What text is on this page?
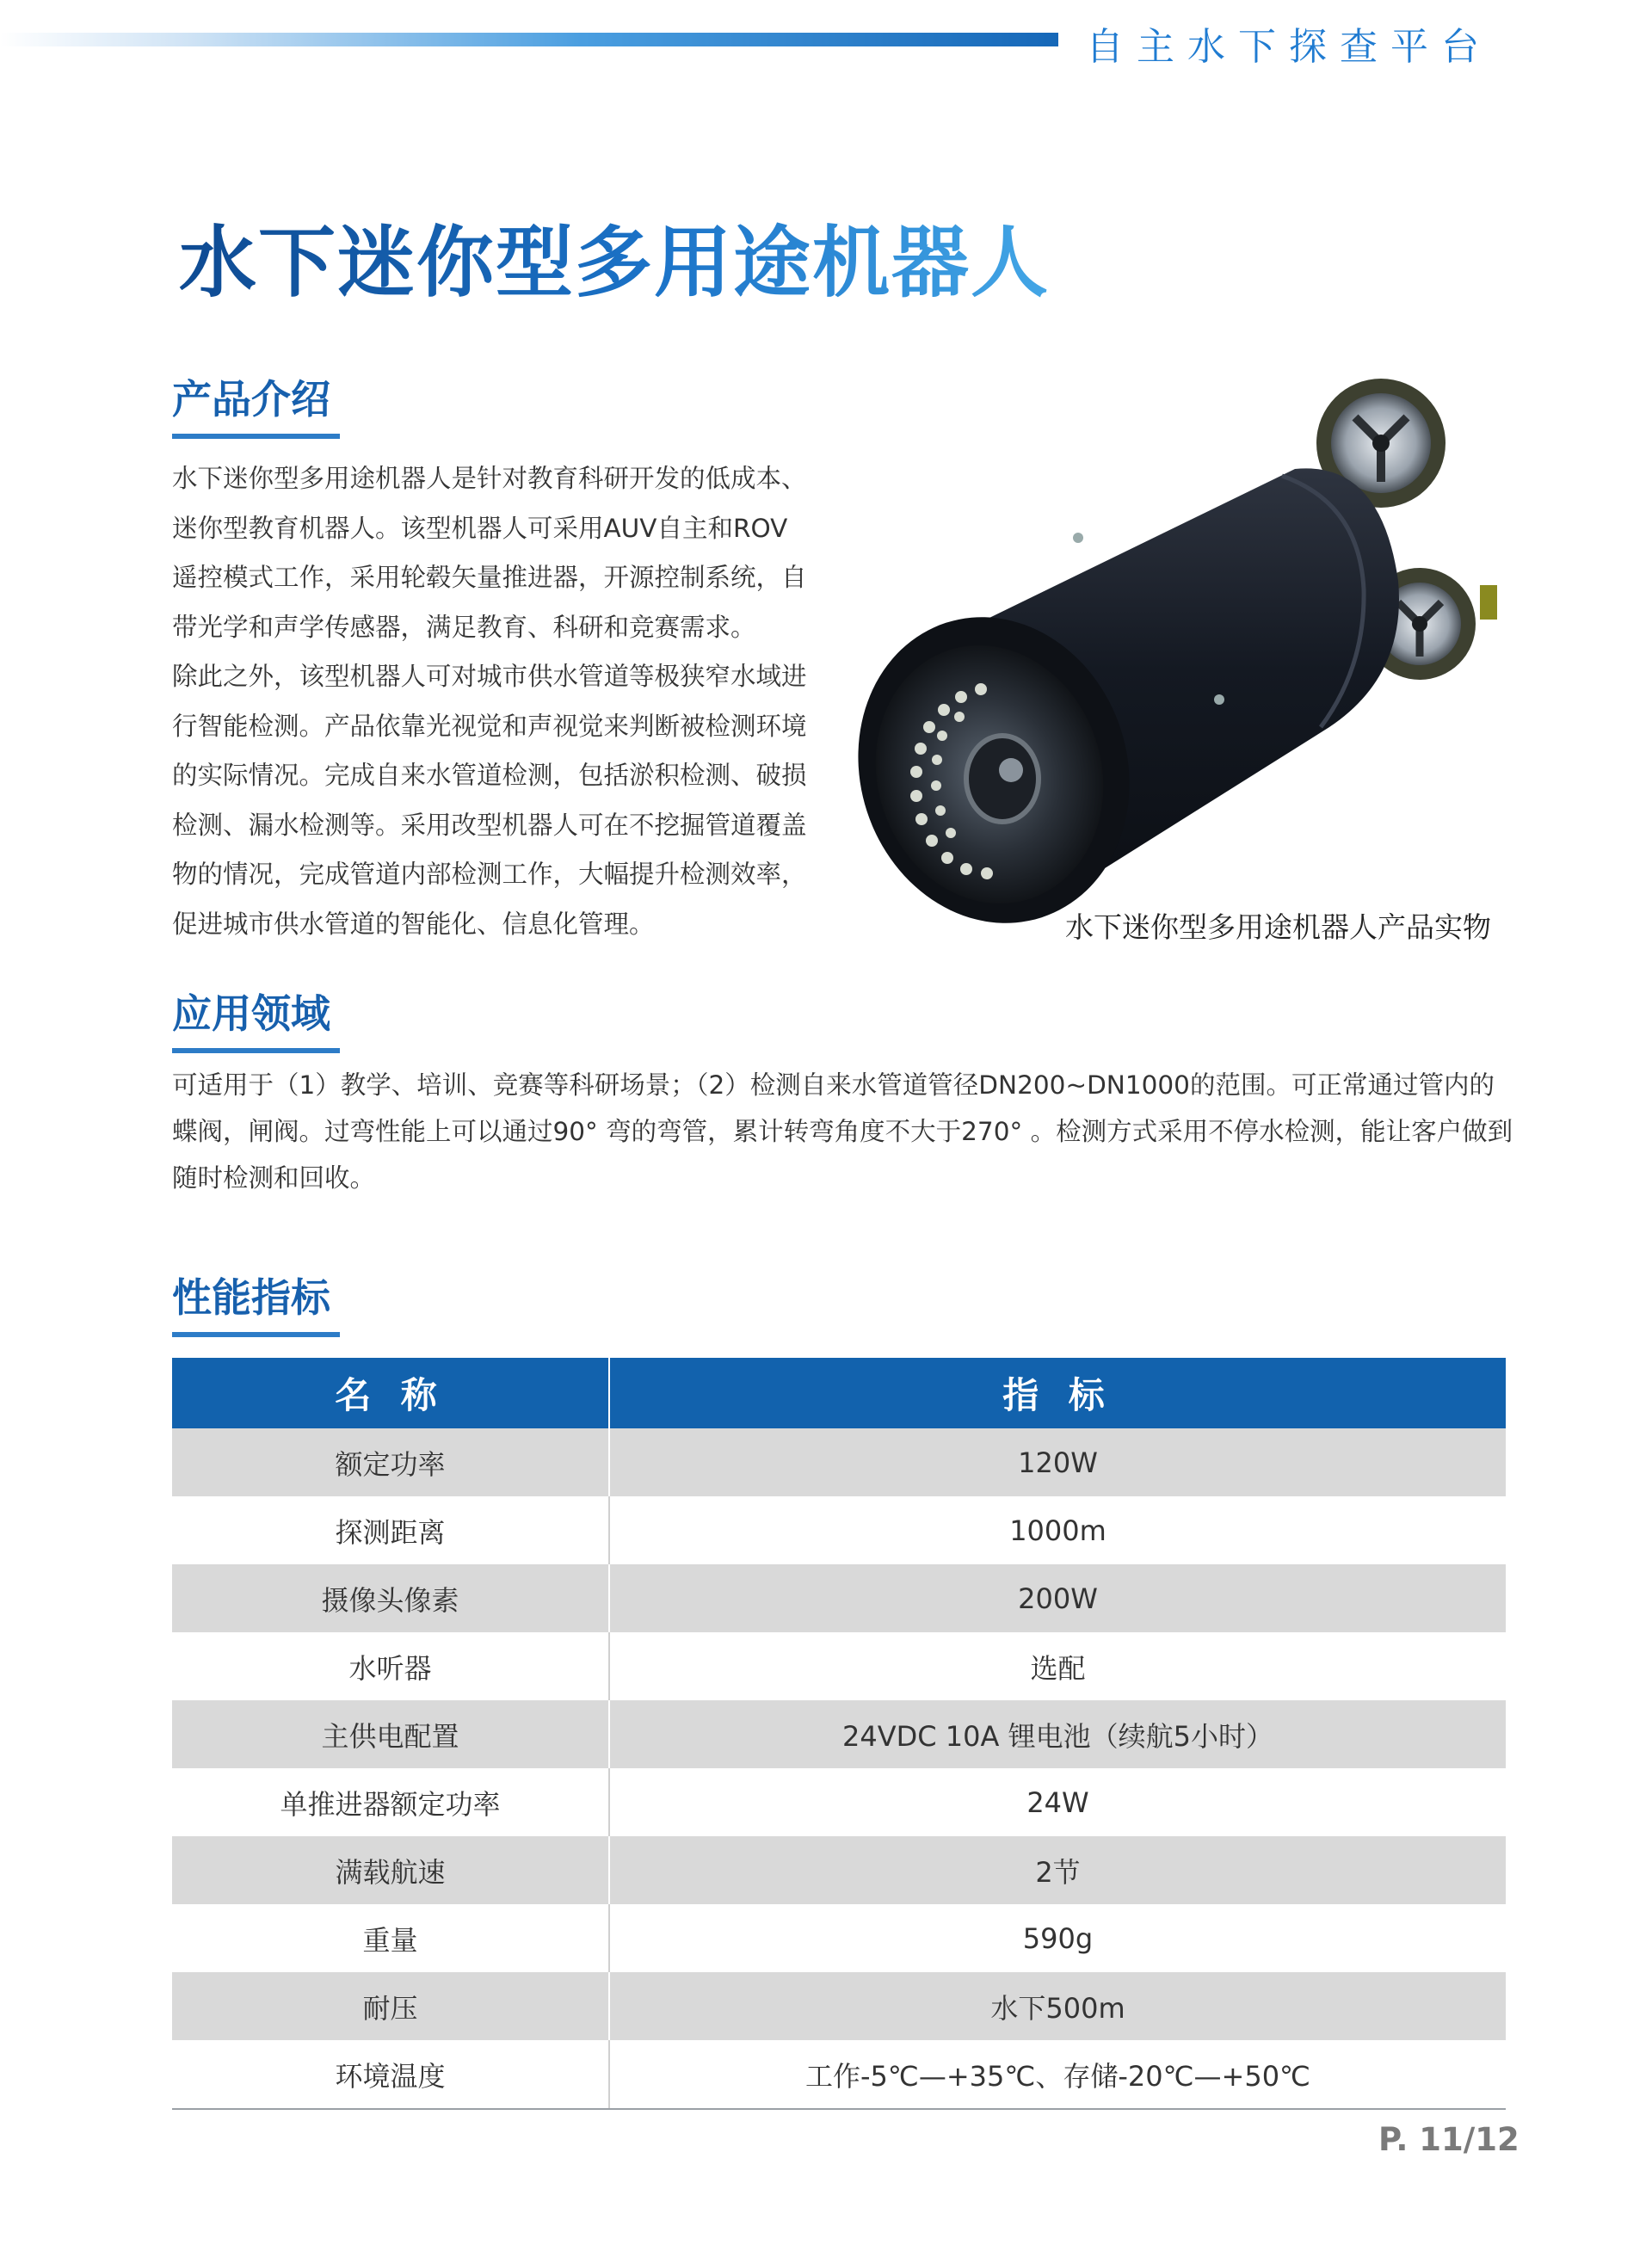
自主水下探查平台
水下迷你型多用途机器人
产品介绍

水下迷你型多用途机器人是针对教育科研开发的低成本、迷你型教育机器人。该型机器人可采用AUV自主和ROV遥控模式工作，采用轮毂矢量推进器，开源控制系统，自带光学和声学传感器，满足教育、科研和竞赛需求。

除此之外，该型机器人可对城市供水管道等极狭窄水域进行智能检测。产品依靠光视觉和声视觉来判断被检测环境的实际情况。完成自来水管道检测，包括淤积检测、破损检测、漏水检测等。采用改型机器人可在不挖掘管道覆盖物的情况，完成管道内部检测工作，大幅提升检测效率，促进城市供水管道的智能化、信息化管理。	水下迷你型多用途机器人产品实物
应用领域

可适用于（1）教学、培训、竞赛等科研场景；（2）检测自来水管道管径DN200~DN1000的范围。可正常通过管内的蝶阀，闸阀。过弯性能上可以通过90° 弯的弯管，累计转弯角度不大于270° 。检测方式采用不停水检测，能让客户做到随时检测和回收。

性能指标
名 称	指 标
额定功率	120W
探测距离	1000m
摄像头像素	200W
水听器	选配
主供电配置	24VDC 10A 锂电池（续航5小时）
单推进器额定功率	24W
满载航速	2节
重量	590g
耐压	水下500m
环境温度	工作-5℃—+35℃、存储-20℃—+50℃
P. 11/12
